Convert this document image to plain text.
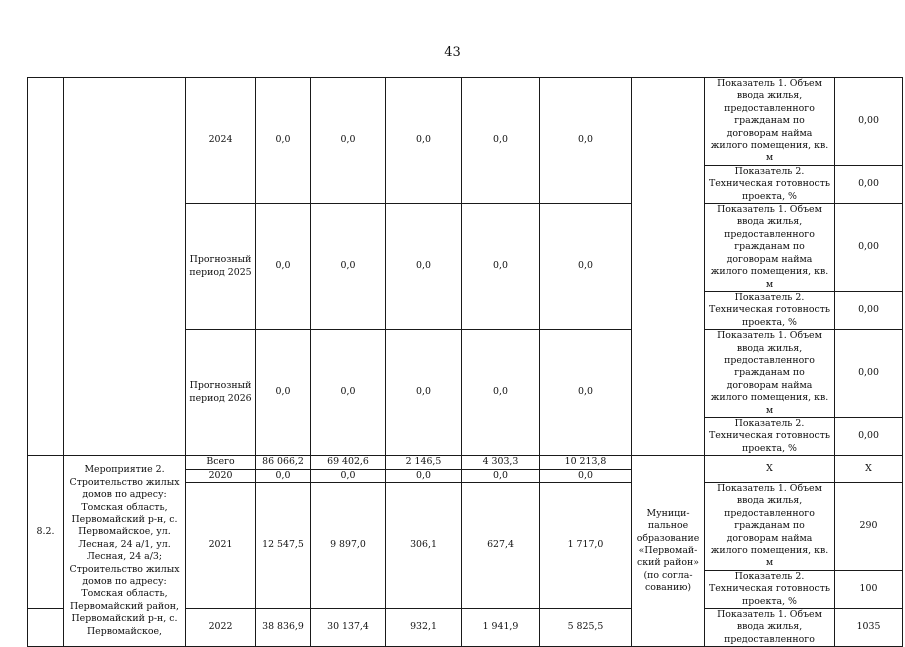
43
		2024	0,0	0,0	0,0	0,0	0,0		Показатель 1. Объем ввода жилья, предоставленного гражданам по договорам найма жилого помещения, кв. м	0,00
									Показатель 2. Техническая готовность проекта, %	0,00
		Прогнозный период 2025	0,0	0,0	0,0	0,0	0,0		Показатель 1. Объем ввода жилья, предоставленного гражданам по договорам найма жилого помещения, кв. м	0,00
									Показатель 2. Техническая готовность проекта, %	0,00
		Прогнозный период 2026	0,0	0,0	0,0	0,0	0,0		Показатель 1. Объем ввода жилья, предоставленного гражданам по договорам найма жилого помещения, кв. м	0,00
									Показатель 2. Техническая готовность проекта, %	0,00
8.2.	Мероприятие 2. Строительство жилых домов по адресу: Томская область, Первомайский р-н, с. Первомайское, ул. Лесная, 24 а/1, ул. Лесная, 24 а/3; Строительство жилых домов по адресу: Томская область, Первомайский район, Первомайский р-н, с. Первомайское,	Всего	86 066,2	69 402,6	2 146,5	4 303,3	10 213,8	Муници-пальное образование «Первомай-ский район» (по согла-сованию)	Х	Х
		2020	0,0	0,0	0,0	0,0	0,0			
		2021	12 547,5	9 897,0	306,1	627,4	1 717,0		Показатель 1. Объем ввода жилья, предоставленного гражданам по договорам найма жилого помещения, кв. м	290
									Показатель 2. Техническая готовность проекта, %	100
		2022	38 836,9	30 137,4	932,1	1 941,9	5 825,5		Показатель 1. Объем ввода жилья, предоставленного	1035
